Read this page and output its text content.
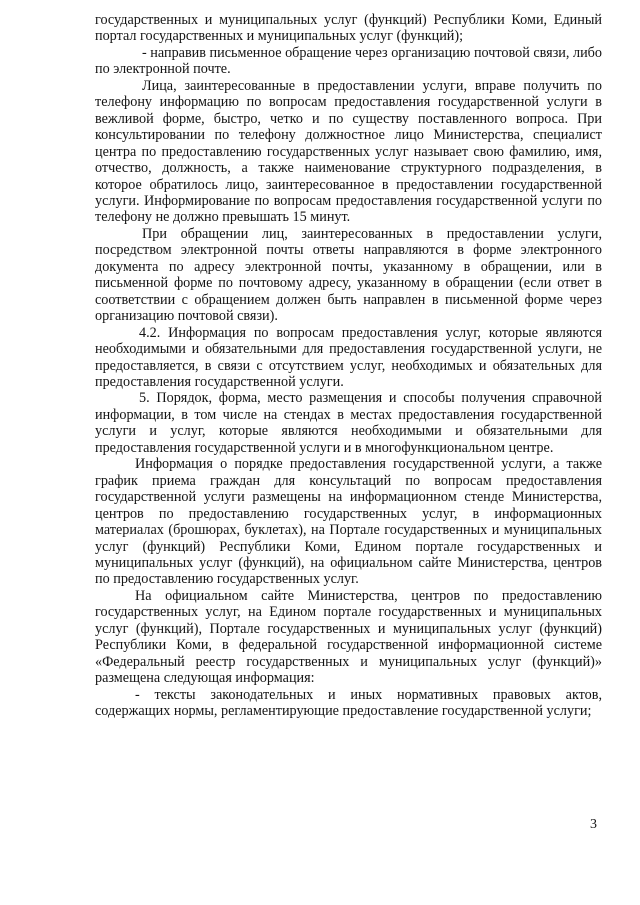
государственных и муниципальных услуг (функций) Республики Коми, Единый портал государственных и муниципальных услуг (функций);

- направив письменное обращение через организацию почтовой связи, либо по электронной почте.

Лица, заинтересованные в предоставлении услуги, вправе получить по телефону информацию по вопросам предоставления государственной услуги в вежливой форме, быстро, четко и по существу поставленного вопроса. При консультировании по телефону должностное лицо Министерства, специалист центра по предоставлению государственных услуг называет свою фамилию, имя, отчество, должность, а также наименование структурного подразделения, в которое обратилось лицо, заинтересованное в предоставлении государственной услуги. Информирование по вопросам предоставления государственной услуги по телефону не должно превышать 15 минут.

При обращении лиц, заинтересованных в предоставлении услуги, посредством электронной почты ответы направляются в форме электронного документа по адресу электронной почты, указанному в обращении, или в письменной форме по почтовому адресу, указанному в обращении (если ответ в соответствии с обращением должен быть направлен в письменной форме через организацию почтовой связи).

4.2. Информация по вопросам предоставления услуг, которые являются необходимыми и обязательными для предоставления государственной услуги, не предоставляется, в связи с отсутствием услуг, необходимых и обязательных для предоставления государственной услуги.

5. Порядок, форма, место размещения и способы получения справочной информации, в том числе на стендах в местах предоставления государственной услуги и услуг, которые являются необходимыми и обязательными для предоставления государственной услуги и в многофункциональном центре.

Информация о порядке предоставления государственной услуги, а также график приема граждан для консультаций по вопросам предоставления государственной услуги размещены на информационном стенде Министерства, центров по предоставлению государственных услуг, в информационных материалах (брошюрах, буклетах), на Портале государственных и муниципальных услуг (функций) Республики Коми, Едином портале государственных и муниципальных услуг (функций), на официальном сайте Министерства, центров по предоставлению государственных услуг.

На официальном сайте Министерства, центров по предоставлению государственных услуг, на Едином портале государственных и муниципальных услуг (функций), Портале государственных и муниципальных услуг (функций) Республики Коми, в федеральной государственной информационной системе «Федеральный реестр государственных и муниципальных услуг (функций)» размещена следующая информация:

- тексты законодательных и иных нормативных правовых актов, содержащих нормы, регламентирующие предоставление государственной услуги;

3
